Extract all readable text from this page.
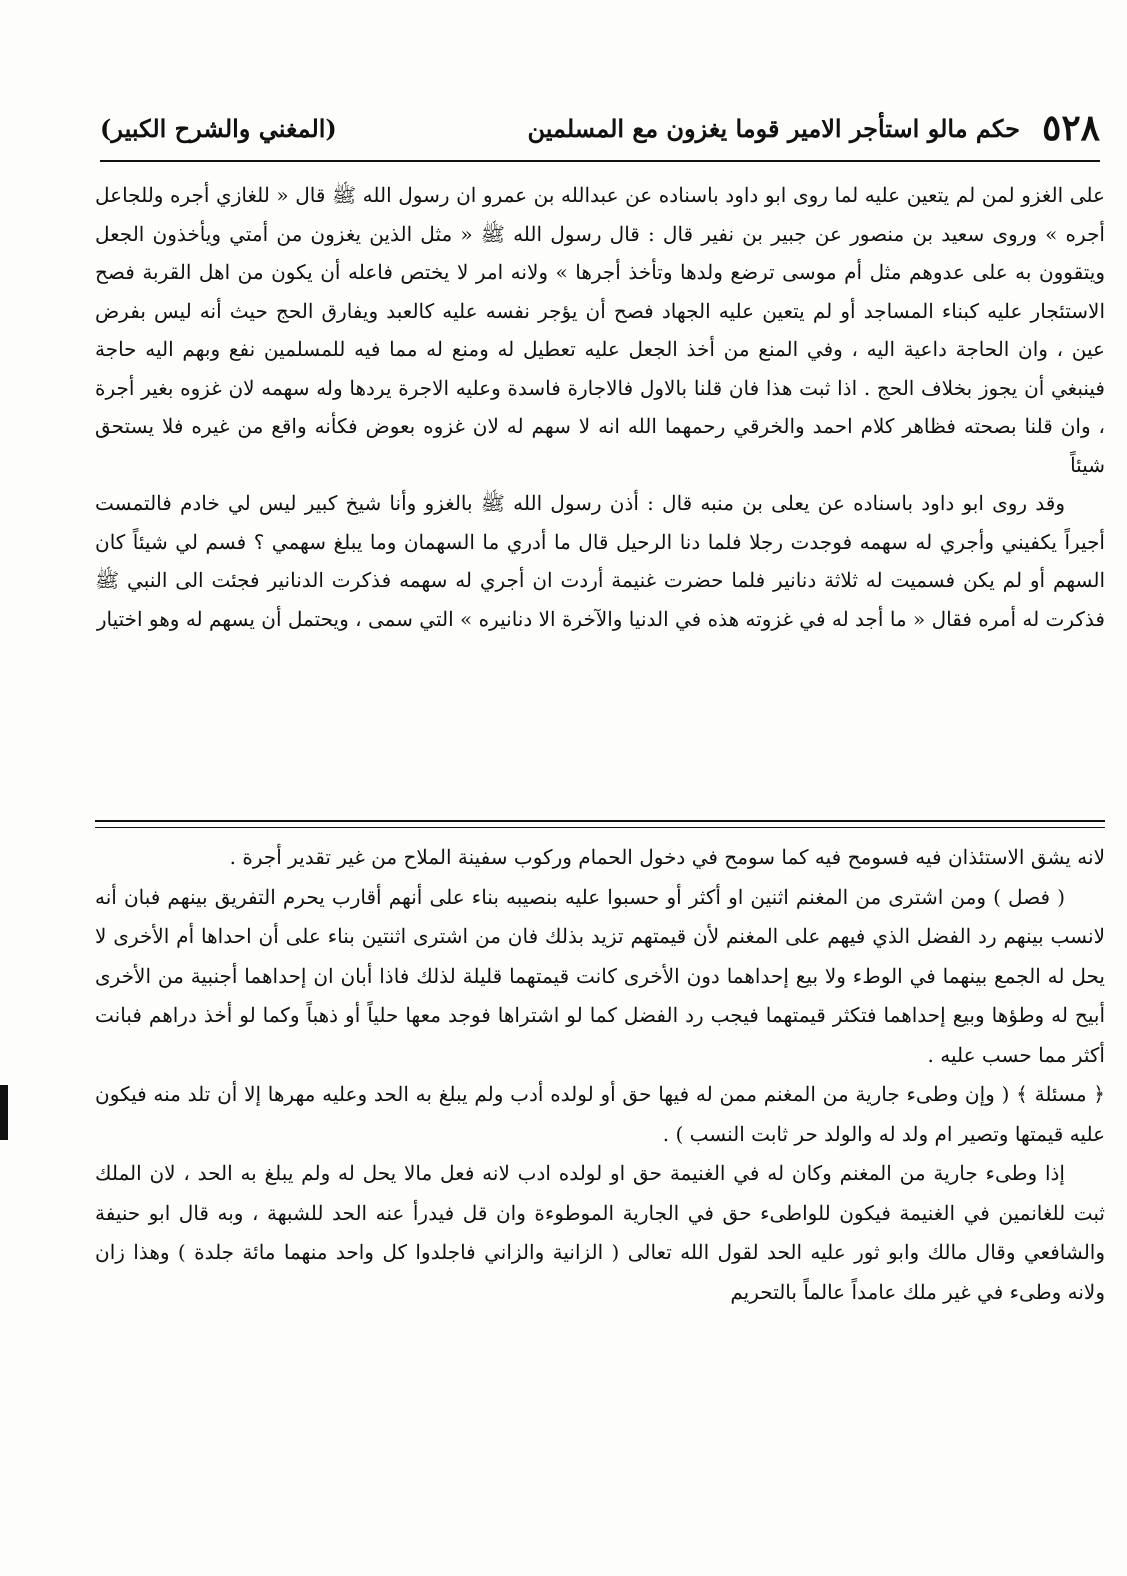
٥٢٨
حكم مالو استأجر الامير قوما يغزون مع المسلمين
(المغني والشرح الكبير)

على الغزو لمن لم يتعين عليه لما روى ابو داود باسناده عن عبدالله بن عمرو ان رسول الله ﷺ قال « للغازي أجره وللجاعل أجره » وروى سعيد بن منصور عن جبير بن نفير قال : قال رسول الله ﷺ « مثل الذين يغزون من أمتي ويأخذون الجعل ويتقوون به على عدوهم مثل أم موسى ترضع ولدها وتأخذ أجرها » ولانه امر لا يختص فاعله أن يكون من اهل القربة فصح الاستئجار عليه كبناء المساجد أو لم يتعين عليه الجهاد فصح أن يؤجر نفسه عليه كالعبد ويفارق الحج حيث أنه ليس بفرض عين ، وان الحاجة داعية اليه ، وفي المنع من أخذ الجعل عليه تعطيل له ومنع له مما فيه للمسلمين نفع وبهم اليه حاجة فينبغي أن يجوز بخلاف الحج . اذا ثبت هذا فان قلنا بالاول فالاجارة فاسدة وعليه الاجرة يردها وله سهمه لان غزوه بغير أجرة ، وان قلنا بصحته فظاهر كلام احمد والخرقي رحمهما الله انه لا سهم له لان غزوه بعوض فكأنه واقع من غيره فلا يستحق شيئاً

وقد روى ابو داود باسناده عن يعلى بن منبه قال : أذن رسول الله ﷺ بالغزو وأنا شيخ كبير ليس لي خادم فالتمست أجيراً يكفيني وأجري له سهمه فوجدت رجلا فلما دنا الرحيل قال ما أدري ما السهمان وما يبلغ سهمي ؟ فسم لي شيئاً كان السهم أو لم يكن فسميت له ثلاثة دنانير فلما حضرت غنيمة أردت ان أجري له سهمه فذكرت الدنانير فجئت الى النبي ﷺ فذكرت له أمره فقال « ما أجد له في غزوته هذه في الدنيا والآخرة الا دنانيره » التي سمى ، ويحتمل أن يسهم له وهو اختيار

لانه يشق الاستئذان فيه فسومح فيه كما سومح في دخول الحمام وركوب سفينة الملاح من غير تقدير أجرة .

( فصل ) ومن اشترى من المغنم اثنين او أكثر أو حسبوا عليه بنصيبه بناء على أنهم أقارب يحرم التفريق بينهم فبان أنه لانسب بينهم رد الفضل الذي فيهم على المغنم لأن قيمتهم تزيد بذلك فان من اشترى اثنتين بناء على أن احداها أم الأخرى لا يحل له الجمع بينهما في الوطء ولا بيع إحداهما دون الأخرى كانت قيمتهما قليلة لذلك فاذا أبان ان إحداهما أجنبية من الأخرى أبيح له وطؤها وبيع إحداهما فتكثر قيمتهما فيجب رد الفضل كما لو اشتراها فوجد معها حلياً أو ذهباً وكما لو أخذ دراهم فبانت أكثر مما حسب عليه .

﴿ مسئلة ﴾ ( وإن وطىء جارية من المغنم ممن له فيها حق أو لولده أدب ولم يبلغ به الحد وعليه مهرها إلا أن تلد منه فيكون عليه قيمتها وتصير ام ولد له والولد حر ثابت النسب ) .

إذا وطىء جارية من المغنم وكان له في الغنيمة حق او لولده ادب لانه فعل مالا يحل له ولم يبلغ به الحد ، لان الملك ثبت للغانمين في الغنيمة فيكون للواطىء حق في الجارية الموطوءة وان قل فيدرأ عنه الحد للشبهة ، وبه قال ابو حنيفة والشافعي وقال مالك وابو ثور عليه الحد لقول الله تعالى ( الزانية والزاني فاجلدوا كل واحد منهما مائة جلدة ) وهذا زان ولانه وطىء في غير ملك عامداً عالماً بالتحريم
